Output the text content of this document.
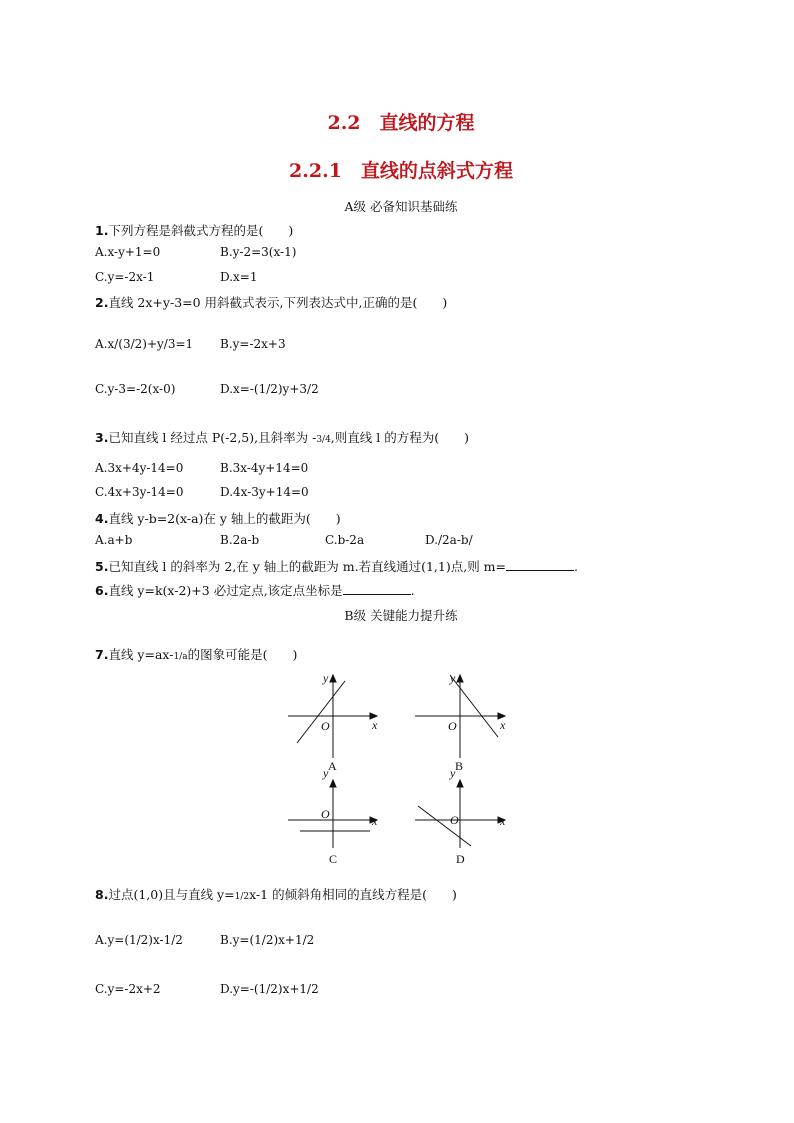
2.2　直线的方程
2.2.1　直线的点斜式方程
A级 必备知识基础练
1.下列方程是斜截式方程的是(　　)
A.x-y+1=0	B.y-2=3(x-1)
C.y=-2x-1	D.x=1
2.直线 2x+y-3=0 用斜截式表示,下列表达式中,正确的是(　　)
A.x/(3/2)+y/3=1 B.y=-2x+3
C.y-3=-2(x-0)	D.x=-(1/2)y+3/2
3.已知直线 l 经过点 P(-2,5),且斜率为 -3/4,则直线 l 的方程为(　　)
A.3x+4y-14=0	B.3x-4y+14=0
C.4x+3y-14=0	D.4x-3y+14=0
4.直线 y-b=2(x-a)在 y 轴上的截距为(　　)
A.a+b	B.2a-b	C.b-2a	D./2a-b/
5.已知直线 l 的斜率为 2,在 y 轴上的截距为 m.若直线通过(1,1)点,则 m=	.
6.直线 y=k(x-2)+3 必过定点,该定点坐标是	.
B级 关键能力提升练
7.直线 y=ax-1/a的图象可能是(　　)
y
x
O
y
x
O
y
x
O
y
x
O
A	B
C	D
8.过点(1,0)且与直线 y=1/2x-1 的倾斜角相同的直线方程是(　　)
A.y=(1/2)x-1/2	B.y=(1/2)x+1/2
C.y=-2x+2	D.y=-(1/2)x+1/2
